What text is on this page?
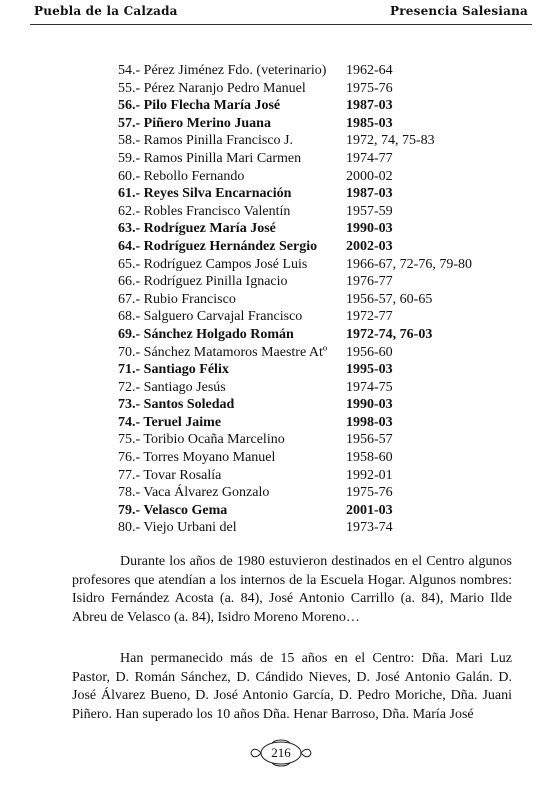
Puebla de la Calzada	Presencia Salesiana
54.- Pérez Jiménez Fdo. (veterinario) 1962-64
55.- Pérez Naranjo Pedro Manuel	1975-76
56.- Pilo Flecha María José	1987-03
57.- Piñero Merino Juana	1985-03
58.- Ramos Pinilla Francisco J.	1972, 74, 75-83
59.- Ramos Pinilla Mari Carmen	1974-77
60.- Rebollo Fernando	2000-02
61.- Reyes Silva Encarnación	1987-03
62.- Robles Francisco Valentín	1957-59
63.- Rodríguez María José	1990-03
64.- Rodríguez Hernández Sergio 2002-03
65.- Rodríguez Campos José Luis	1966-67, 72-76, 79-80
66.- Rodríguez Pinilla Ignacio	1976-77
67.- Rubio Francisco	1956-57, 60-65
68.- Salguero Carvajal Francisco	1972-77
69.- Sánchez Holgado Román	1972-74, 76-03
70.- Sánchez Matamoros Maestre Atº 1956-60
71.- Santiago Félix	1995-03
72.- Santiago Jesús	1974-75
73.- Santos Soledad	1990-03
74.- Teruel Jaime	1998-03
75.- Toribio Ocaña Marcelino	1956-57
76.- Torres Moyano Manuel	1958-60
77.- Tovar Rosalía	1992-01
78.- Vaca Álvarez Gonzalo	1975-76
79.- Velasco Gema	2001-03
80.- Viejo Urbani del	1973-74
Durante los años de 1980 estuvieron destinados en el Centro algunos profesores que atendían a los internos de la Escuela Hogar. Algunos nombres: Isidro Fernández Acosta (a. 84), José Antonio Carrillo (a. 84), Mario Ilde Abreu de Velasco (a. 84), Isidro Moreno Moreno…
Han permanecido más de 15 años en el Centro: Dña. Mari Luz Pastor, D. Román Sánchez, D. Cándido Nieves, D. José Antonio Galán. D. José Álvarez Bueno, D. José Antonio García, D. Pedro Moriche, Dña. Juani Piñero. Han superado los 10 años Dña. Henar Barroso, Dña. María José
216
